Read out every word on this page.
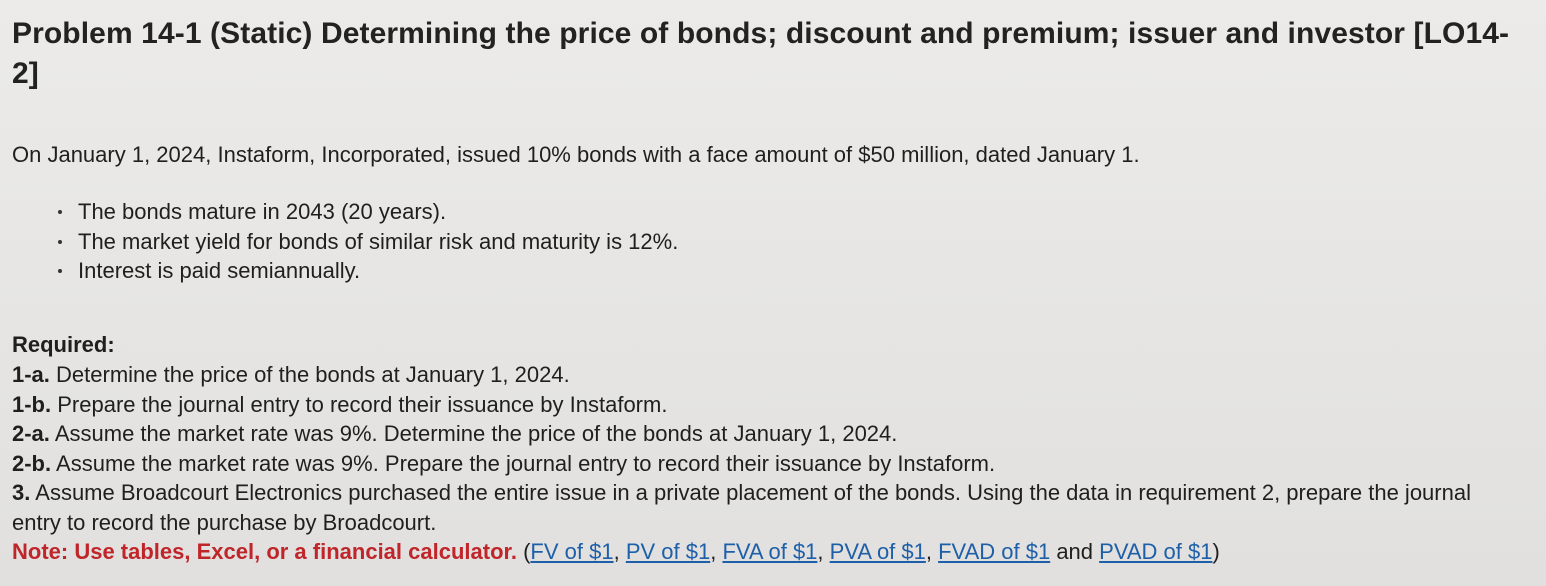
Problem 14-1 (Static) Determining the price of bonds; discount and premium; issuer and investor [LO14-
2]

On January 1, 2024, Instaform, Incorporated, issued 10% bonds with a face amount of $50 million, dated January 1.

The bonds mature in 2043 (20 years).
The market yield for bonds of similar risk and maturity is 12%.
Interest is paid semiannually.

Required:

1-a. Determine the price of the bonds at January 1, 2024.

1-b. Prepare the journal entry to record their issuance by Instaform.

2-a. Assume the market rate was 9%. Determine the price of the bonds at January 1, 2024.

2-b. Assume the market rate was 9%. Prepare the journal entry to record their issuance by Instaform.

3. Assume Broadcourt Electronics purchased the entire issue in a private placement of the bonds. Using the data in requirement 2, prepare the journal entry to record the purchase by Broadcourt.

Note: Use tables, Excel, or a financial calculator. (FV of $1, PV of $1, FVA of $1, PVA of $1, FVAD of $1 and PVAD of $1)
